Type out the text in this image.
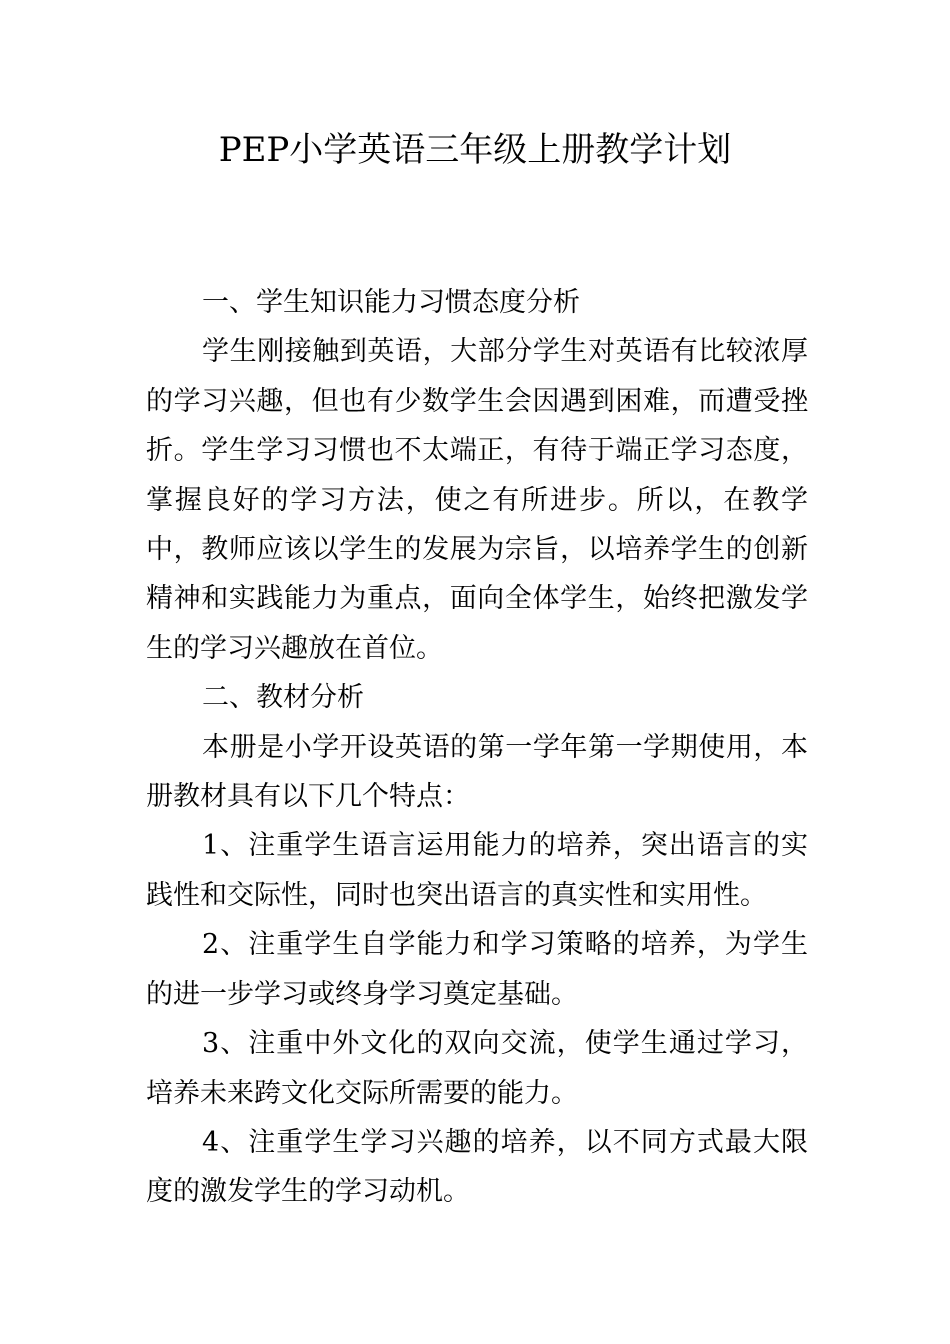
PEP小学英语三年级上册教学计划

一、学生知识能力习惯态度分析

学生刚接触到英语，大部分学生对英语有比较浓厚的学习兴趣，但也有少数学生会因遇到困难，而遭受挫折。学生学习习惯也不太端正，有待于端正学习态度，掌握良好的学习方法，使之有所进步。所以，在教学中，教师应该以学生的发展为宗旨，以培养学生的创新精神和实践能力为重点，面向全体学生，始终把激发学生的学习兴趣放在首位。

二、教材分析

本册是小学开设英语的第一学年第一学期使用，本册教材具有以下几个特点：

1、注重学生语言运用能力的培养，突出语言的实践性和交际性，同时也突出语言的真实性和实用性。

2、注重学生自学能力和学习策略的培养，为学生的进一步学习或终身学习奠定基础。

3、注重中外文化的双向交流，使学生通过学习，培养未来跨文化交际所需要的能力。

4、注重学生学习兴趣的培养，以不同方式最大限度的激发学生的学习动机。
